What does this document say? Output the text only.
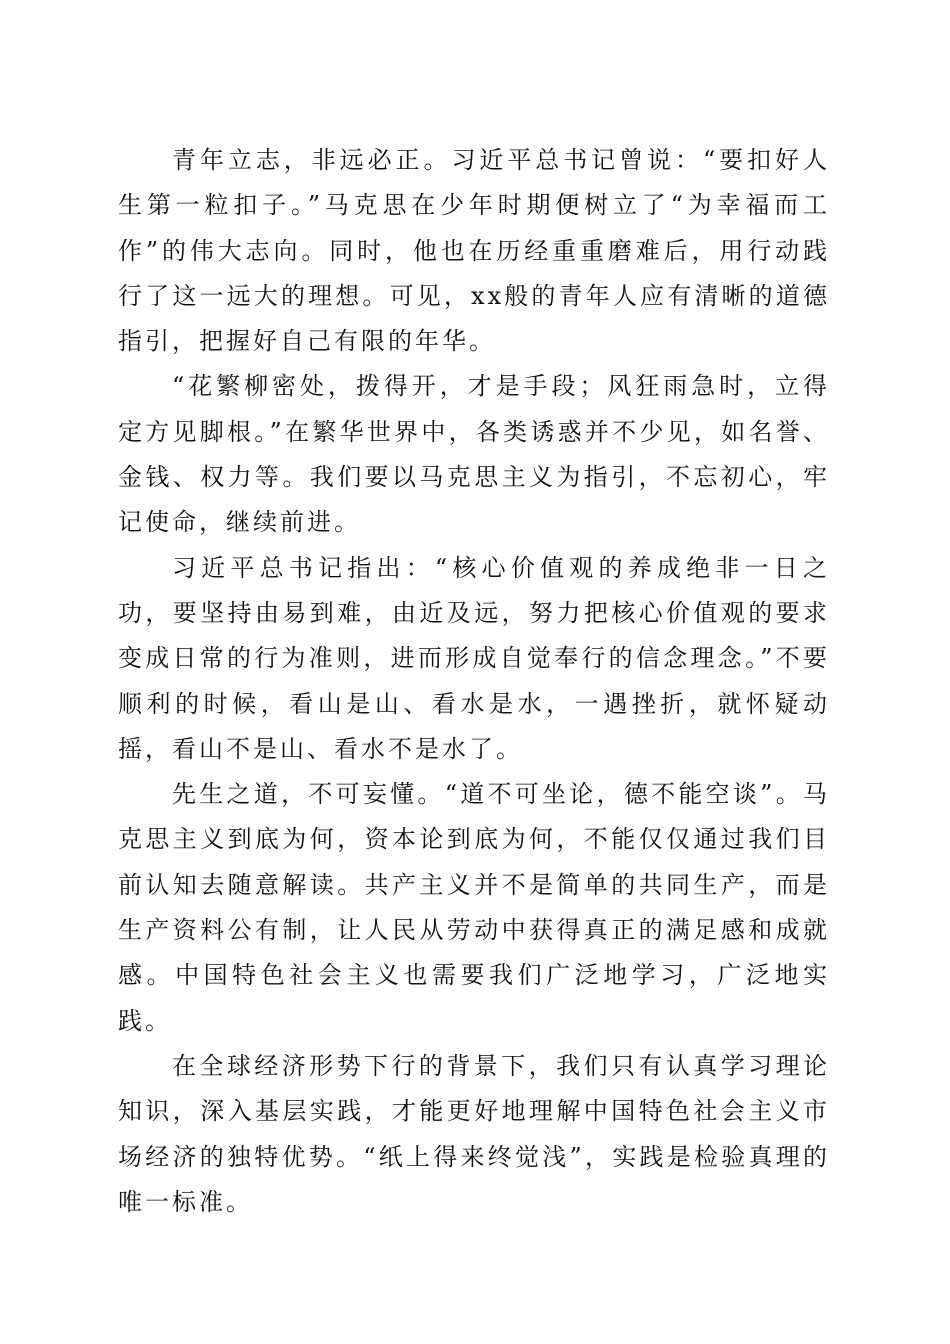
青年立志，非远必正。习近平总书记曾说：“要扣好人生第一粒扣子。”马克思在少年时期便树立了“为幸福而工作”的伟大志向。同时，他也在历经重重磨难后，用行动践行了这一远大的理想。可见，xx般的青年人应有清晰的道德指引，把握好自己有限的年华。

“花繁柳密处，拨得开，才是手段；风狂雨急时，立得定方见脚根。”在繁华世界中，各类诱惑并不少见，如名誉、金钱、权力等。我们要以马克思主义为指引，不忘初心，牢记使命，继续前进。

习近平总书记指出：“核心价值观的养成绝非一日之功，要坚持由易到难，由近及远，努力把核心价值观的要求变成日常的行为准则，进而形成自觉奉行的信念理念。”不要顺利的时候，看山是山、看水是水，一遇挫折，就怀疑动摇，看山不是山、看水不是水了。

先生之道，不可妄懂。“道不可坐论，德不能空谈”。马克思主义到底为何，资本论到底为何，不能仅仅通过我们目前认知去随意解读。共产主义并不是简单的共同生产，而是生产资料公有制，让人民从劳动中获得真正的满足感和成就感。中国特色社会主义也需要我们广泛地学习，广泛地实践。

在全球经济形势下行的背景下，我们只有认真学习理论知识，深入基层实践，才能更好地理解中国特色社会主义市场经济的独特优势。“纸上得来终觉浅”，实践是检验真理的唯一标准。
